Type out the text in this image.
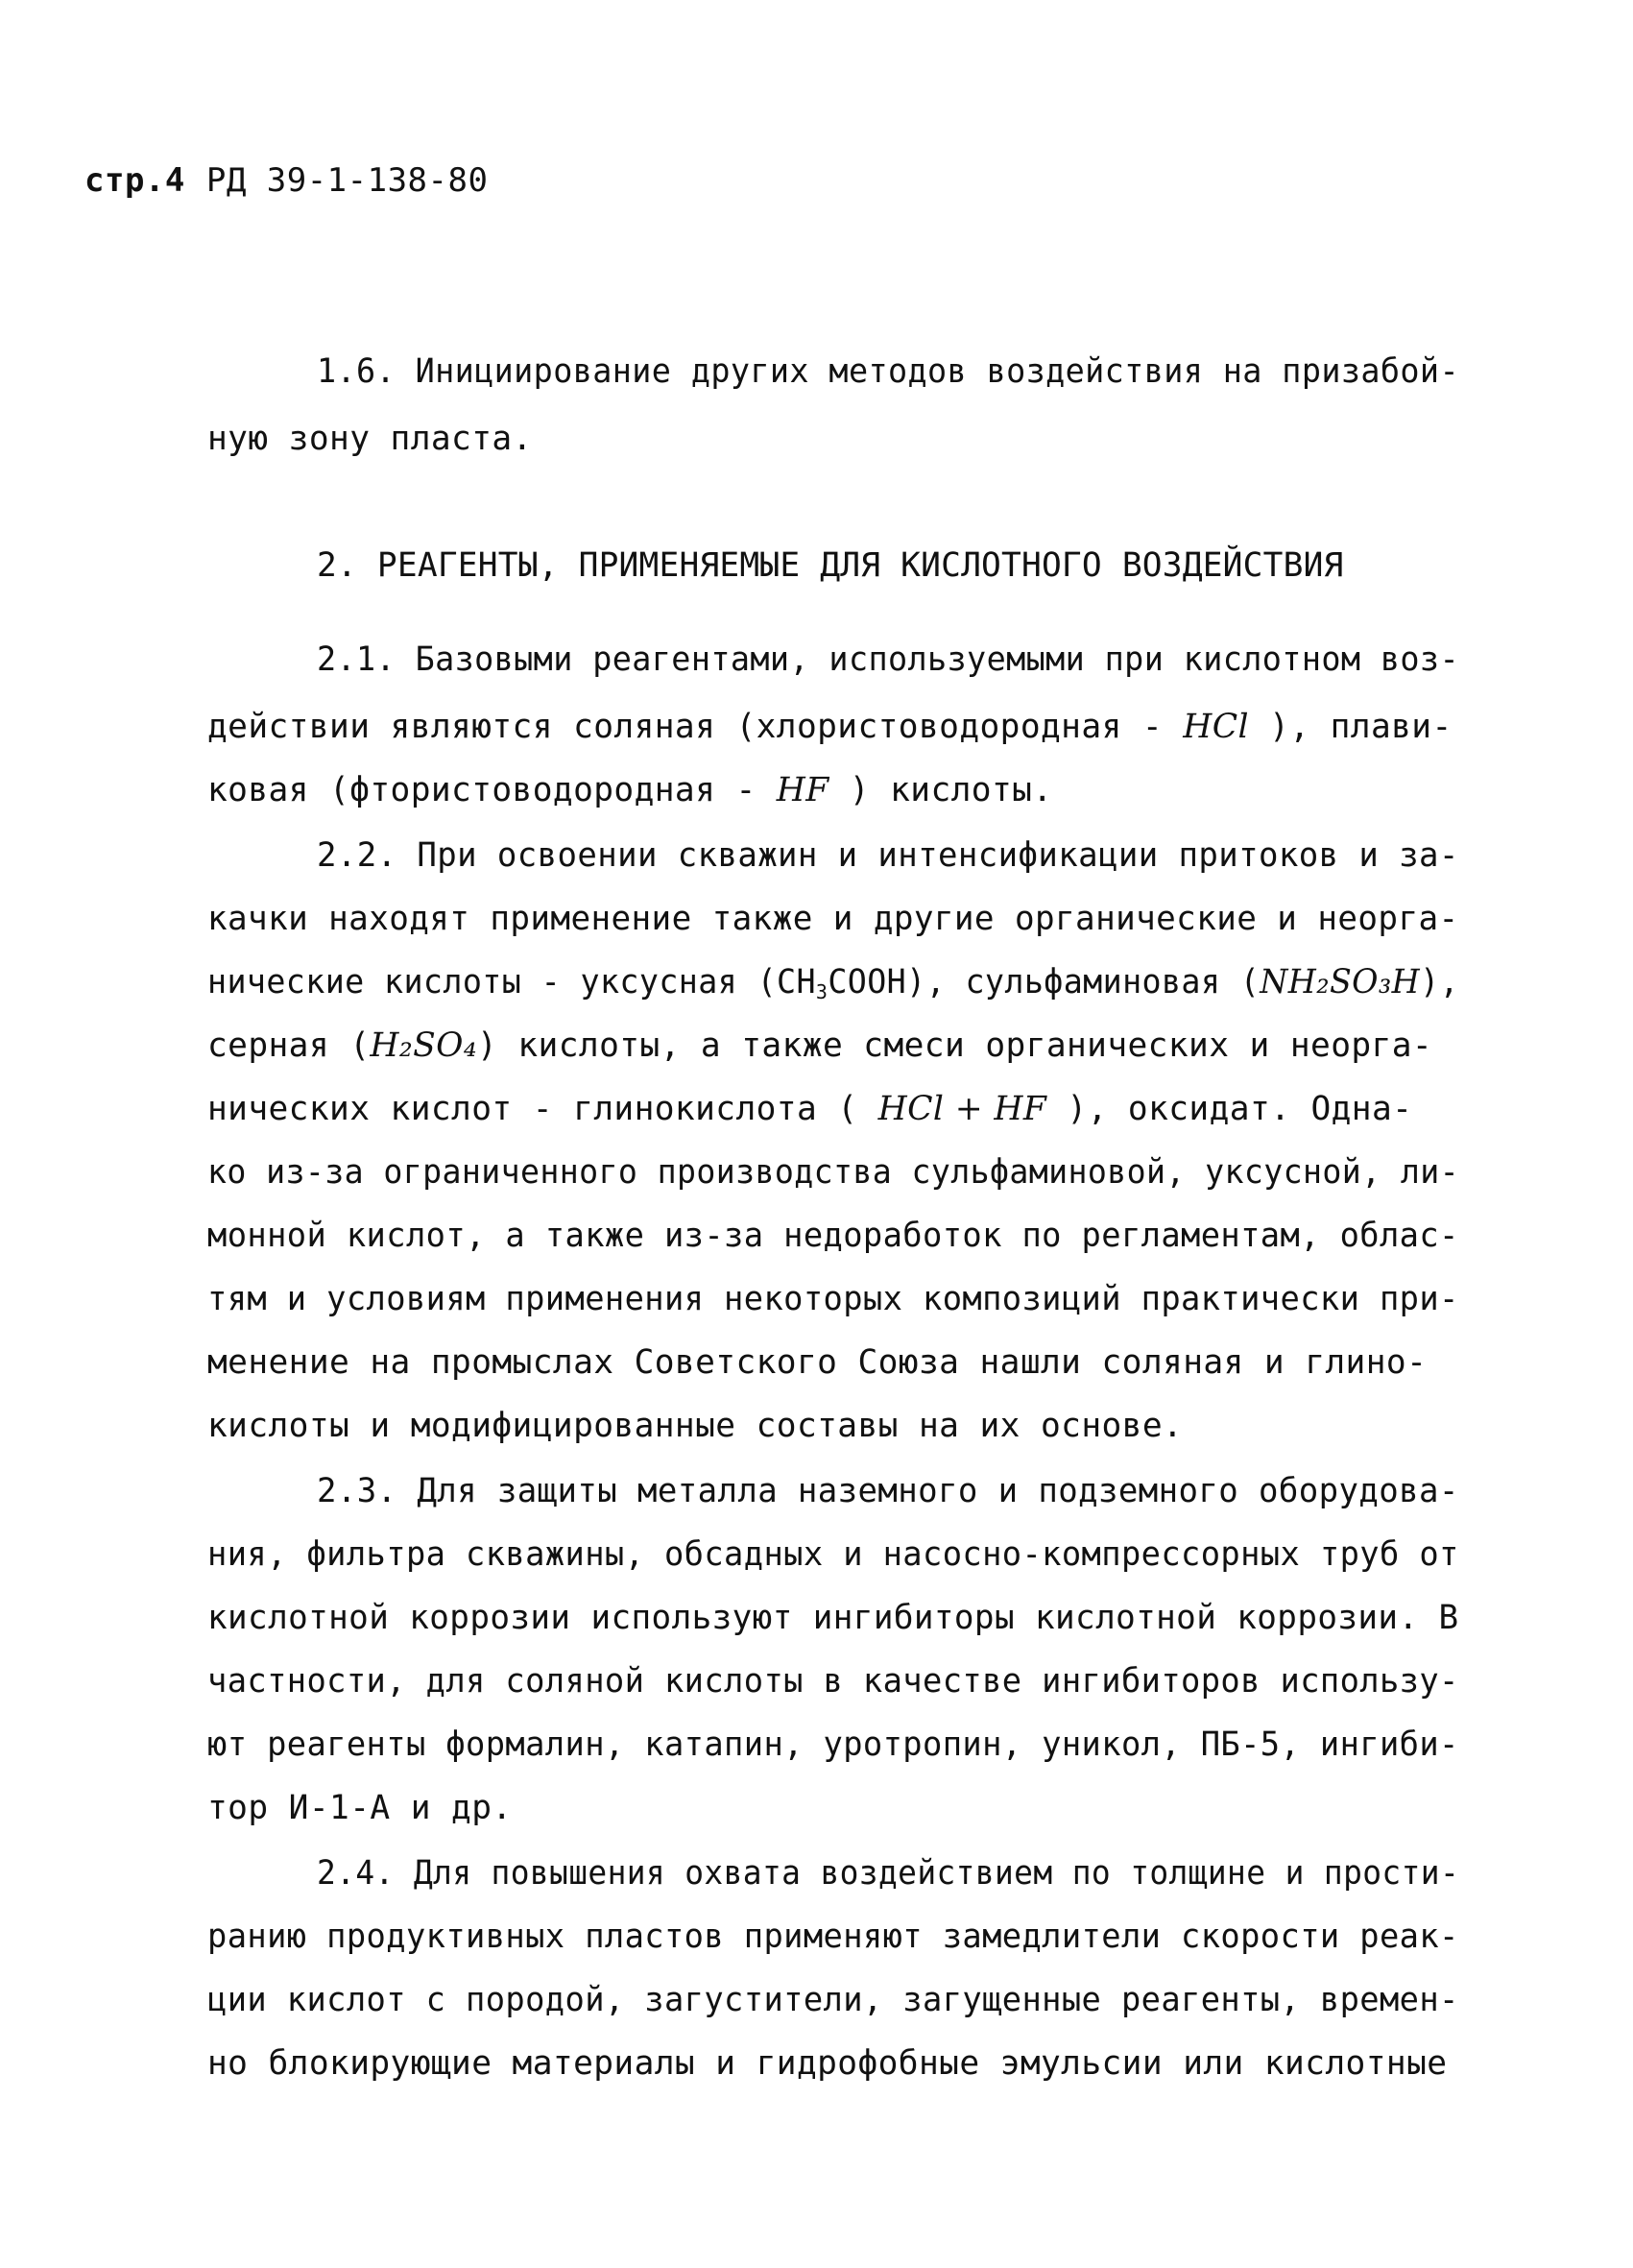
стр.4 РД 39-1-138-80
1.6. Инициирование других методов воздействия на призабой-
ную зону пласта.
2. РЕАГЕНТЫ, ПРИМЕНЯЕМЫЕ ДЛЯ КИСЛОТНОГО ВОЗДЕЙСТВИЯ
2.1. Базовыми реагентами, используемыми при кислотном воз-
действии являются соляная (хлористоводородная - HCl ), плави-
ковая (фтористоводородная - HF ) кислоты.
2.2. При освоении скважин и интенсификации притоков и за-
качки находят применение также и другие органические и неорга-
нические кислоты - уксусная $(СН_3СООН)$, сульфаминовая (NH₂SO₃H),
серная (H₂SO₄) кислоты, а также смеси органических и неорга-
нических кислот - глинокислота ( HCl + HF ), оксидат. Одна-
ко из-за ограниченного производства сульфаминовой, уксусной, ли-
монной кислот, а также из-за недоработок по регламентам, облас-
тям и условиям применения некоторых композиций практически при-
менение на промыслах Советского Союза нашли соляная и глино-
кислоты и модифицированные составы на их основе.
2.3. Для защиты металла наземного и подземного оборудова-
ния, фильтра скважины, обсадных и насосно-компрессорных труб от
кислотной коррозии используют ингибиторы кислотной коррозии. В
частности, для соляной кислоты в качестве ингибиторов использу-
ют реагенты формалин, катапин, уротропин, уникол, ПБ-5, ингиби-
тор И-1-А и др.
2.4. Для повышения охвата воздействием по толщине и прости-
ранию продуктивных пластов применяют замедлители скорости реак-
ции кислот с породой, загустители, загущенные реагенты, времен-
но блокирующие материалы и гидрофобные эмульсии или кислотные
